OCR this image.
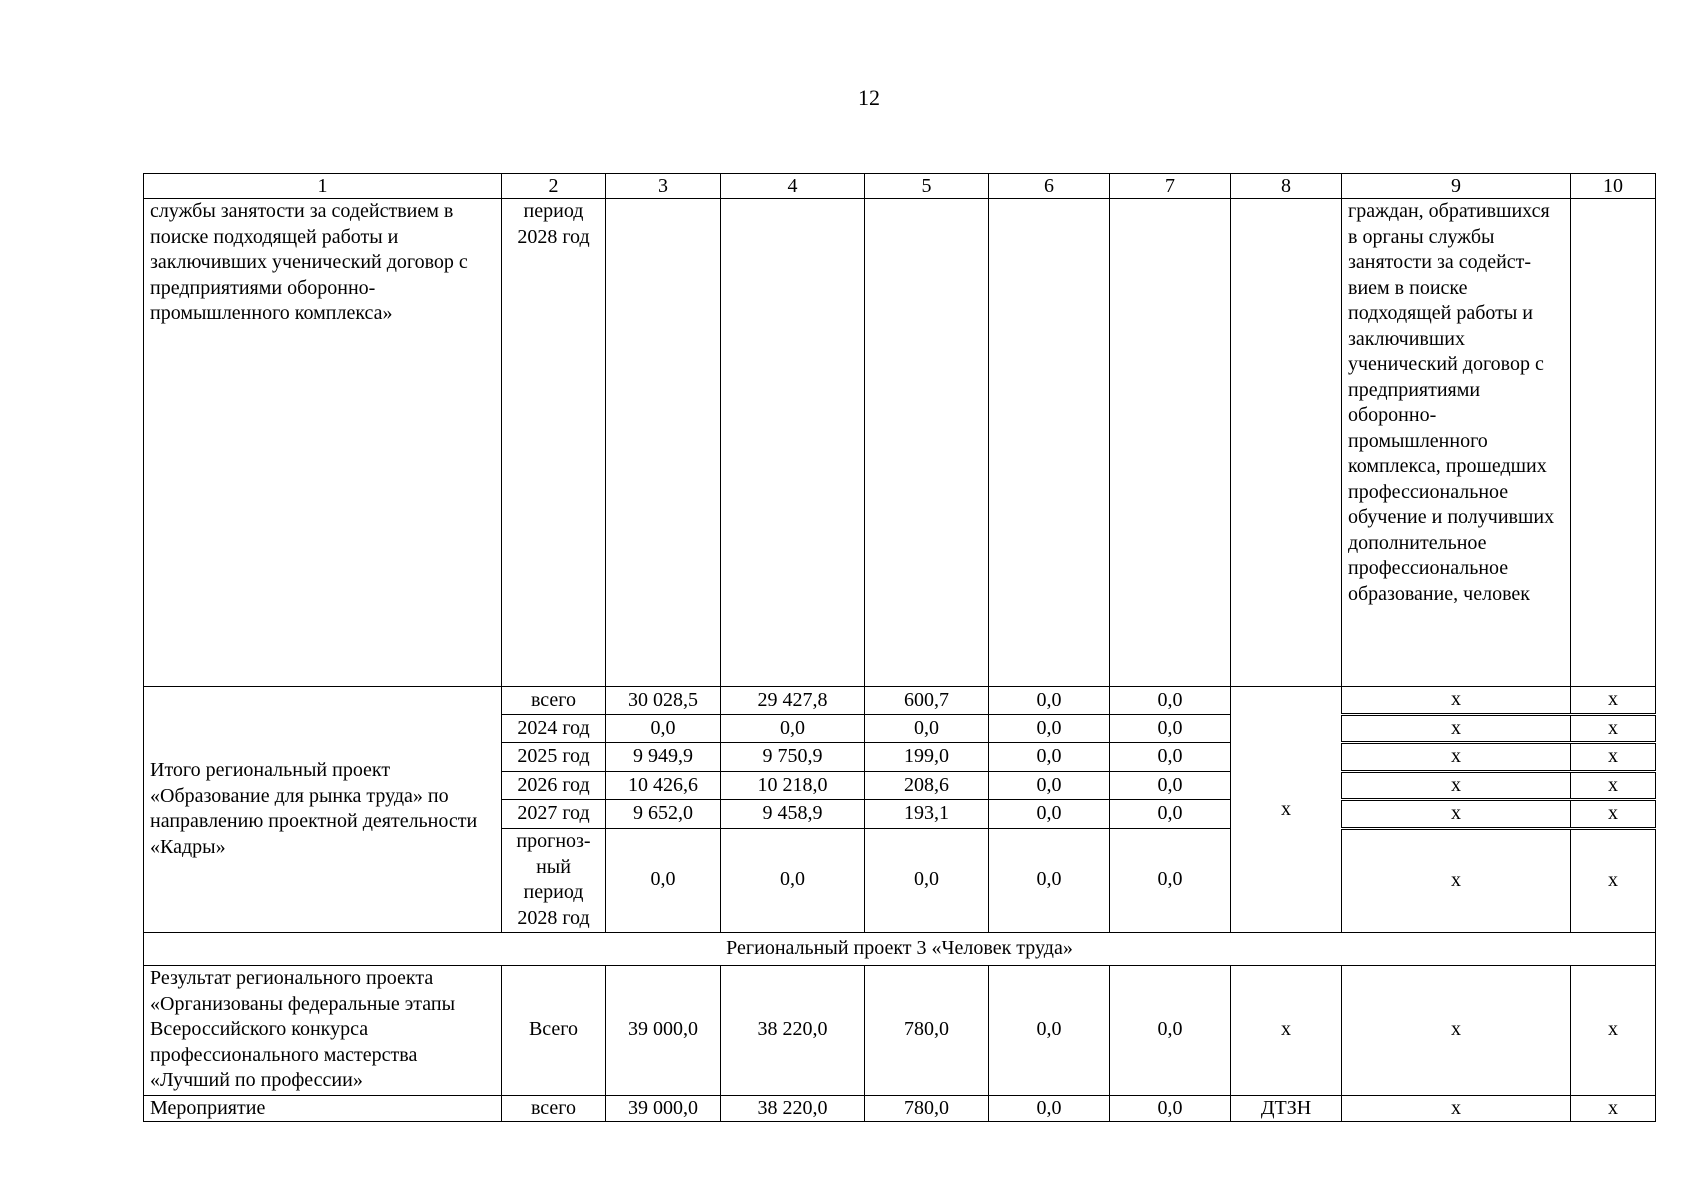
12
1	2	3	4	5	6	7	8	9	10
службы занятости за содействием в поиске подходящей работы и заключивших ученический договор с предприятиями оборонно-промышленного комплекса»	период 2028 год							граждан, обратившихся в органы службы занятости за содейст- вием в поиске подходящей работы и заключивших ученический договор с предприятиями оборонно- промышленного комплекса, прошедших профессиональное обучение и получивших дополнительное профессиональное образование, человек	
Итого региональный проект «Образование для рынка труда» по направлению проектной деятельности «Кадры»	всего	30 028,5	29 427,8	600,7	0,0	0,0	х	х	х
	2024 год	0,0	0,0	0,0	0,0	0,0		х	х
	2025 год	9 949,9	9 750,9	199,0	0,0	0,0		х	х
	2026 год	10 426,6	10 218,0	208,6	0,0	0,0		х	х
	2027 год	9 652,0	9 458,9	193,1	0,0	0,0		х	х
	прогноз- ный период 2028 год	0,0	0,0	0,0	0,0	0,0		х	х
Региональный проект 3 «Человек труда»									
Результат регионального проекта «Организованы федеральные этапы Всероссийского конкурса профессионального мастерства «Лучший по профессии»	Всего	39 000,0	38 220,0	780,0	0,0	0,0	х	х	х
Мероприятие	всего	39 000,0	38 220,0	780,0	0,0	0,0	ДТЗН	х	х
